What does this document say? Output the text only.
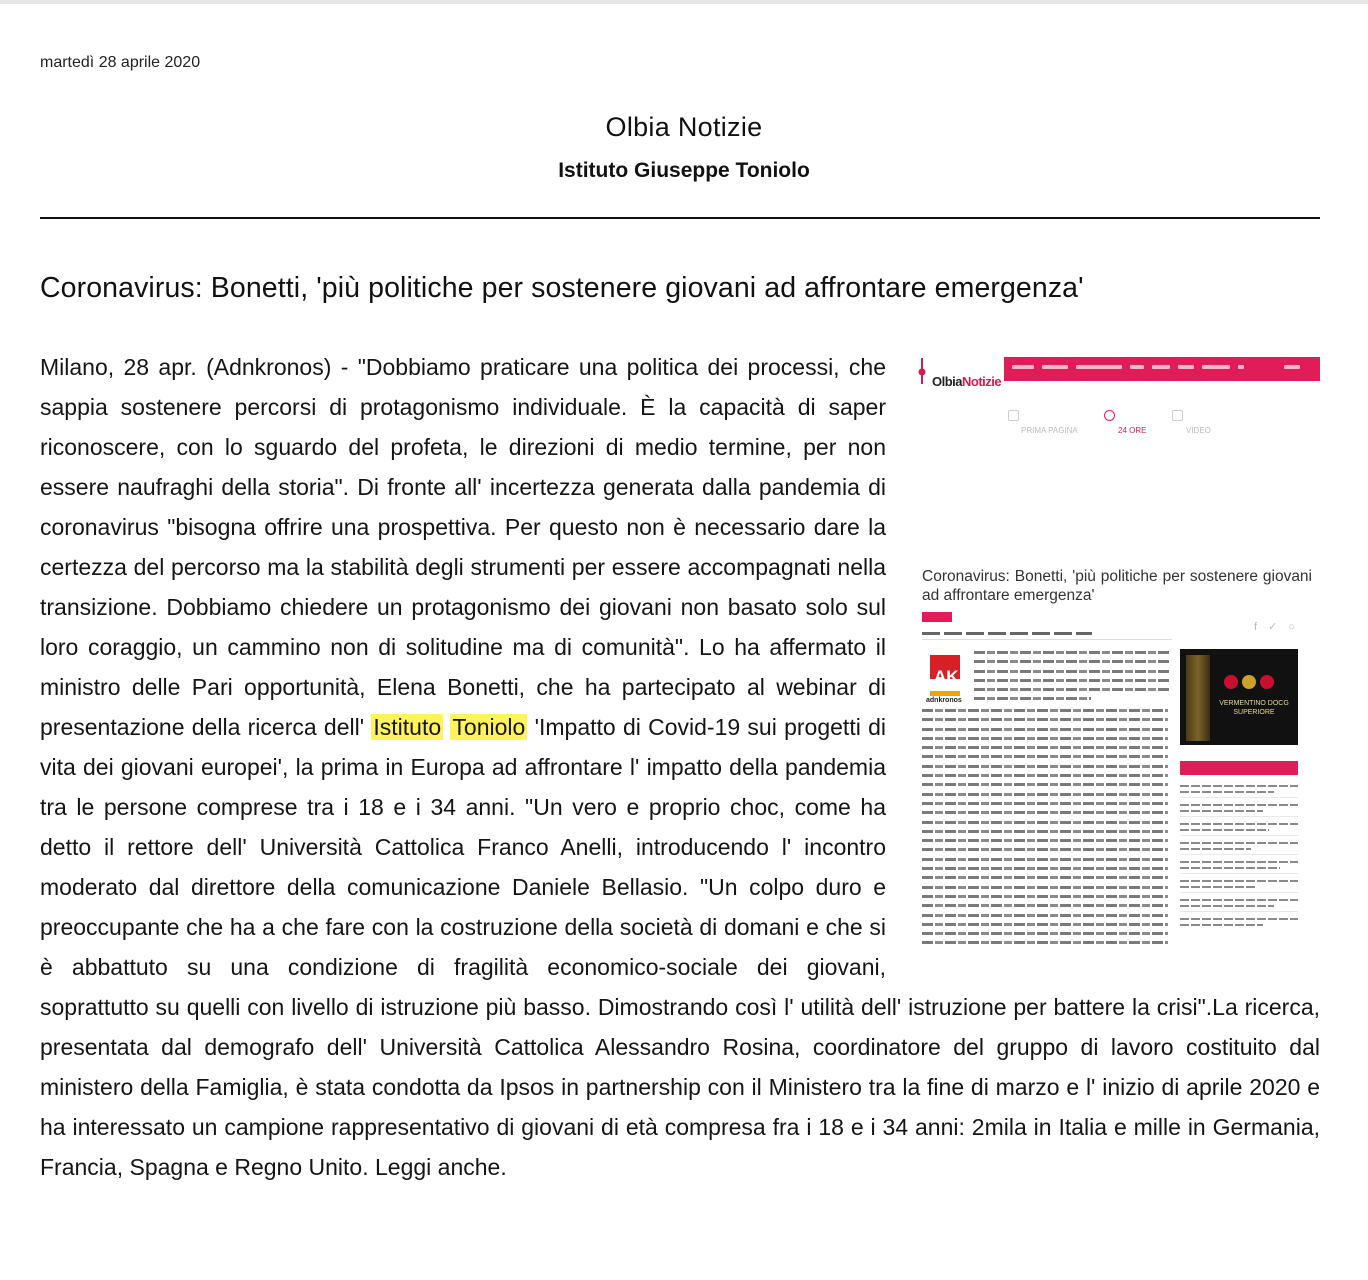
martedì 28 aprile 2020
Olbia Notizie
Istituto Giuseppe Toniolo
Coronavirus: Bonetti, 'più politiche per sostenere giovani ad affrontare emergenza'
OlbiaNotizie
PRIMA PAGINA	24 ORE	VIDEO
Coronavirus: Bonetti, 'più politiche per sostenere giovani ad affrontare emergenza'
f ✓ ○
AK
adnkronos	VERMENTINO DOCG SUPERIORE
Milano, 28 apr. (Adnkronos) - "Dobbiamo praticare una politica dei processi, che sappia sostenere percorsi di protagonismo individuale. È la capacità di saper riconoscere, con lo sguardo del profeta, le direzioni di medio termine, per non essere naufraghi della storia". Di fronte all' incertezza generata dalla pandemia di coronavirus "bisogna offrire una prospettiva. Per questo non è necessario dare la certezza del percorso ma la stabilità degli strumenti per essere accompagnati nella transizione. Dobbiamo chiedere un protagonismo dei giovani non basato solo sul loro coraggio, un cammino non di solitudine ma di comunità". Lo ha affermato il ministro delle Pari opportunità, Elena Bonetti, che ha partecipato al webinar di presentazione della ricerca dell' Istituto Toniolo 'Impatto di Covid-19 sui progetti di vita dei giovani europei', la prima in Europa ad affrontare l' impatto della pandemia tra le persone comprese tra i 18 e i 34 anni. "Un vero e proprio choc, come ha detto il rettore dell' Università Cattolica Franco Anelli, introducendo l' incontro moderato dal direttore della comunicazione Daniele Bellasio. "Un colpo duro e preoccupante che ha a che fare con la costruzione della società di domani e che si è abbattuto su una condizione di fragilità economico-sociale dei giovani, soprattutto su quelli con livello di istruzione più basso. Dimostrando così l' utilità dell' istruzione per battere la crisi".La ricerca, presentata dal demografo dell' Università Cattolica Alessandro Rosina, coordinatore del gruppo di lavoro costituito dal ministero della Famiglia, è stata condotta da Ipsos in partnership con il Ministero tra la fine di marzo e l' inizio di aprile 2020 e ha interessato un campione rappresentativo di giovani di età compresa fra i 18 e i 34 anni: 2mila in Italia e mille in Germania, Francia, Spagna e Regno Unito. Leggi anche.
